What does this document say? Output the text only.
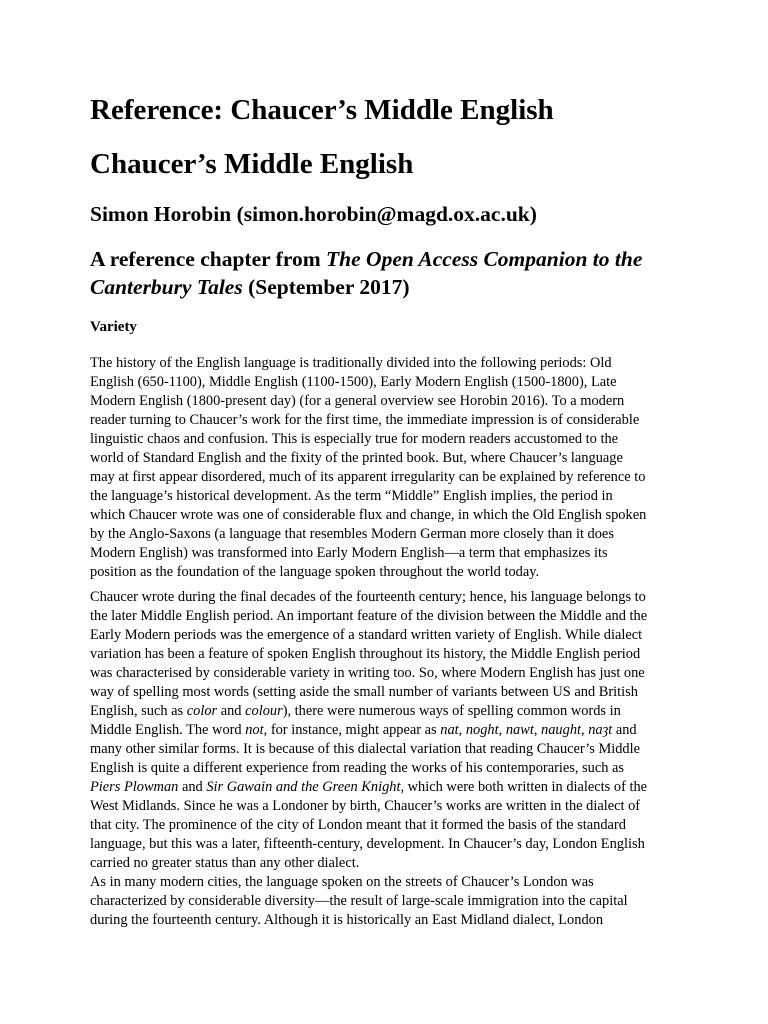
Reference: Chaucer’s Middle English
Chaucer’s Middle English
Simon Horobin (simon.horobin@magd.ox.ac.uk)
A reference chapter from The Open Access Companion to the Canterbury Tales (September 2017)
Variety

The history of the English language is traditionally divided into the following periods: Old
English (650-1100), Middle English (1100-1500), Early Modern English (1500-1800), Late
Modern English (1800-present day) (for a general overview see Horobin 2016). To a modern
reader turning to Chaucer’s work for the first time, the immediate impression is of considerable
linguistic chaos and confusion. This is especially true for modern readers accustomed to the
world of Standard English and the fixity of the printed book. But, where Chaucer’s language
may at first appear disordered, much of its apparent irregularity can be explained by reference to
the language’s historical development. As the term “Middle” English implies, the period in
which Chaucer wrote was one of considerable flux and change, in which the Old English spoken
by the Anglo-Saxons (a language that resembles Modern German more closely than it does
Modern English) was transformed into Early Modern English—a term that emphasizes its
position as the foundation of the language spoken throughout the world today.

Chaucer wrote during the final decades of the fourteenth century; hence, his language belongs to
the later Middle English period. An important feature of the division between the Middle and the
Early Modern periods was the emergence of a standard written variety of English. While dialect
variation has been a feature of spoken English throughout its history, the Middle English period
was characterised by considerable variety in writing too. So, where Modern English has just one
way of spelling most words (setting aside the small number of variants between US and British
English, such as color and colour), there were numerous ways of spelling common words in
Middle English. The word not, for instance, might appear as nat, noght, nawt, naught, naȝt and
many other similar forms. It is because of this dialectal variation that reading Chaucer’s Middle
English is quite a different experience from reading the works of his contemporaries, such as
Piers Plowman and Sir Gawain and the Green Knight, which were both written in dialects of the
West Midlands. Since he was a Londoner by birth, Chaucer’s works are written in the dialect of
that city. The prominence of the city of London meant that it formed the basis of the standard
language, but this was a later, fifteenth-century, development. In Chaucer’s day, London English
carried no greater status than any other dialect.

As in many modern cities, the language spoken on the streets of Chaucer’s London was
characterized by considerable diversity—the result of large-scale immigration into the capital
during the fourteenth century. Although it is historically an East Midland dialect, London
